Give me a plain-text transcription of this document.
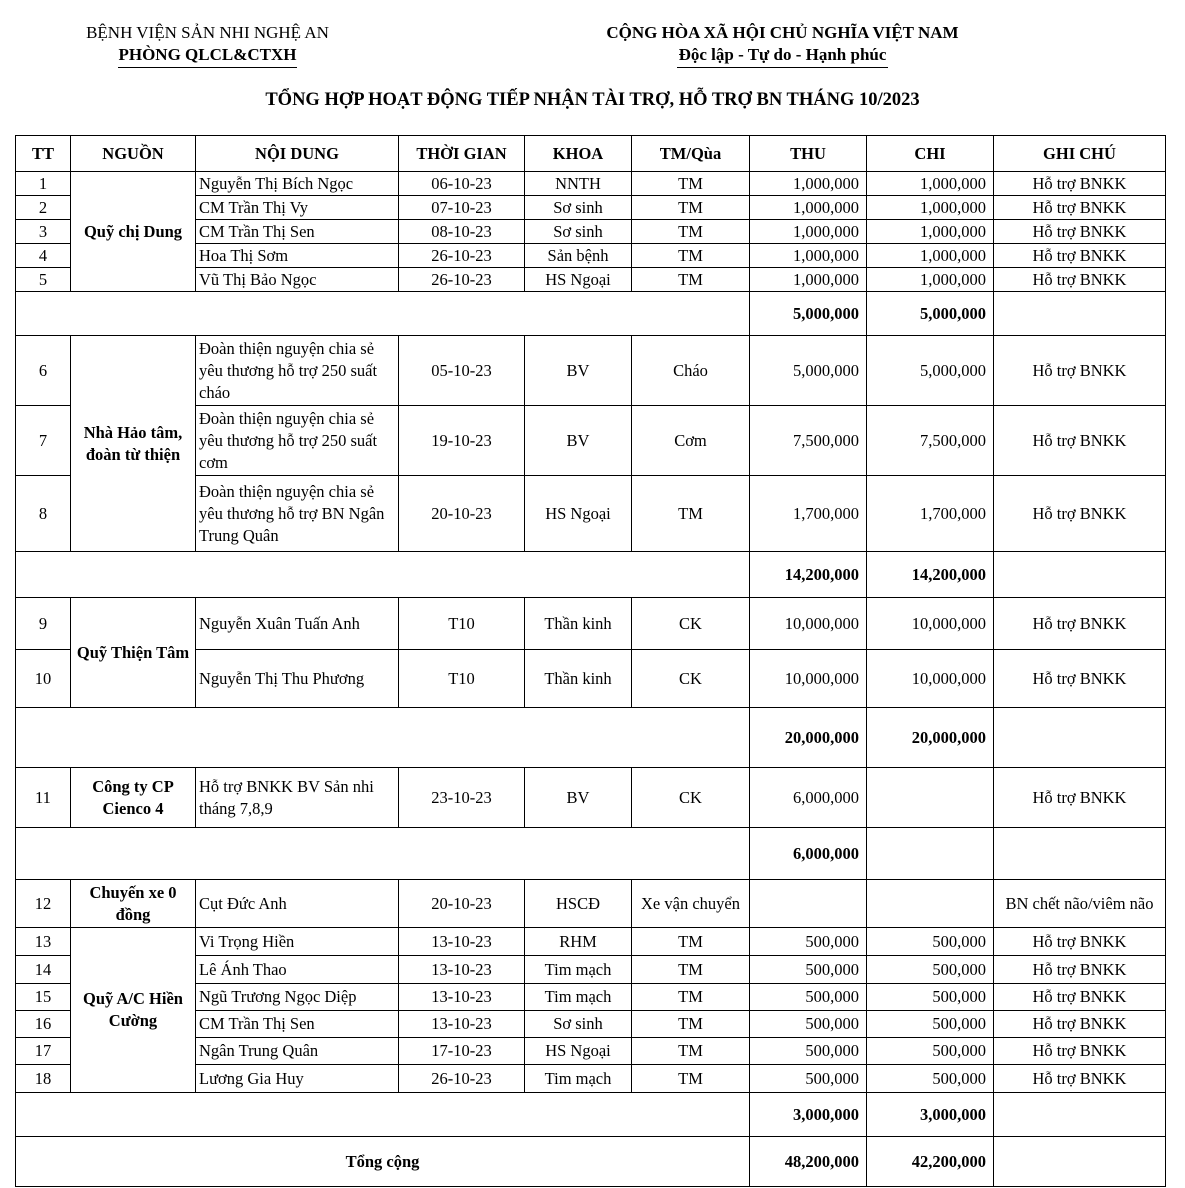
BỆNH VIỆN SẢN NHI NGHỆ AN
PHÒNG QLCL&CTXH
CỘNG HÒA XÃ HỘI CHỦ NGHĨA VIỆT NAM
Độc lập - Tự do - Hạnh phúc
TỔNG HỢP HOẠT ĐỘNG TIẾP NHẬN TÀI TRỢ, HỖ TRỢ BN THÁNG 10/2023
TT	NGUỒN	NỘI DUNG	THỜI GIAN	KHOA	TM/Qùa	THU	CHI	GHI CHÚ
1	Quỹ chị Dung	Nguyễn Thị Bích Ngọc	06-10-23	NNTH	TM	1,000,000	1,000,000	Hỗ trợ BNKK
2		CM Trần Thị Vy	07-10-23	Sơ sinh	TM	1,000,000	1,000,000	Hỗ trợ BNKK
3		CM Trần Thị Sen	08-10-23	Sơ sinh	TM	1,000,000	1,000,000	Hỗ trợ BNKK
4		Hoa Thị Sơm	26-10-23	Sản bệnh	TM	1,000,000	1,000,000	Hỗ trợ BNKK
5		Vũ Thị Bảo Ngọc	26-10-23	HS Ngoại	TM	1,000,000	1,000,000	Hỗ trợ BNKK
						5,000,000	5,000,000	
6	Nhà Hảo tâm, đoàn từ thiện	Đoàn thiện nguyện chia sẻ yêu thương hỗ trợ 250 suất cháo	05-10-23	BV	Cháo	5,000,000	5,000,000	Hỗ trợ BNKK
7		Đoàn thiện nguyện chia sẻ yêu thương hỗ trợ 250 suất cơm	19-10-23	BV	Cơm	7,500,000	7,500,000	Hỗ trợ BNKK
8		Đoàn thiện nguyện chia sẻ yêu thương hỗ trợ BN Ngân Trung Quân	20-10-23	HS Ngoại	TM	1,700,000	1,700,000	Hỗ trợ BNKK
						14,200,000	14,200,000	
9	Quỹ Thiện Tâm	Nguyễn Xuân Tuấn Anh	T10	Thần kinh	CK	10,000,000	10,000,000	Hỗ trợ BNKK
10		Nguyễn Thị Thu Phương	T10	Thần kinh	CK	10,000,000	10,000,000	Hỗ trợ BNKK
						20,000,000	20,000,000	
11	Công ty CP Cienco 4	Hỗ trợ BNKK BV Sản nhi tháng 7,8,9	23-10-23	BV	CK	6,000,000		Hỗ trợ BNKK
						6,000,000		
12	Chuyến xe 0 đồng	Cụt Đức Anh	20-10-23	HSCĐ	Xe vận chuyển			BN chết não/viêm não
13	Quỹ A/C Hiền Cường	Vi Trọng Hiền	13-10-23	RHM	TM	500,000	500,000	Hỗ trợ BNKK
14		Lê Ánh Thao	13-10-23	Tim mạch	TM	500,000	500,000	Hỗ trợ BNKK
15		Ngũ Trương Ngọc Diệp	13-10-23	Tim mạch	TM	500,000	500,000	Hỗ trợ BNKK
16		CM Trần Thị Sen	13-10-23	Sơ sinh	TM	500,000	500,000	Hỗ trợ BNKK
17		Ngân Trung Quân	17-10-23	HS Ngoại	TM	500,000	500,000	Hỗ trợ BNKK
18		Lương Gia Huy	26-10-23	Tim mạch	TM	500,000	500,000	Hỗ trợ BNKK
						3,000,000	3,000,000	
Tổng cộng						48,200,000	42,200,000	
